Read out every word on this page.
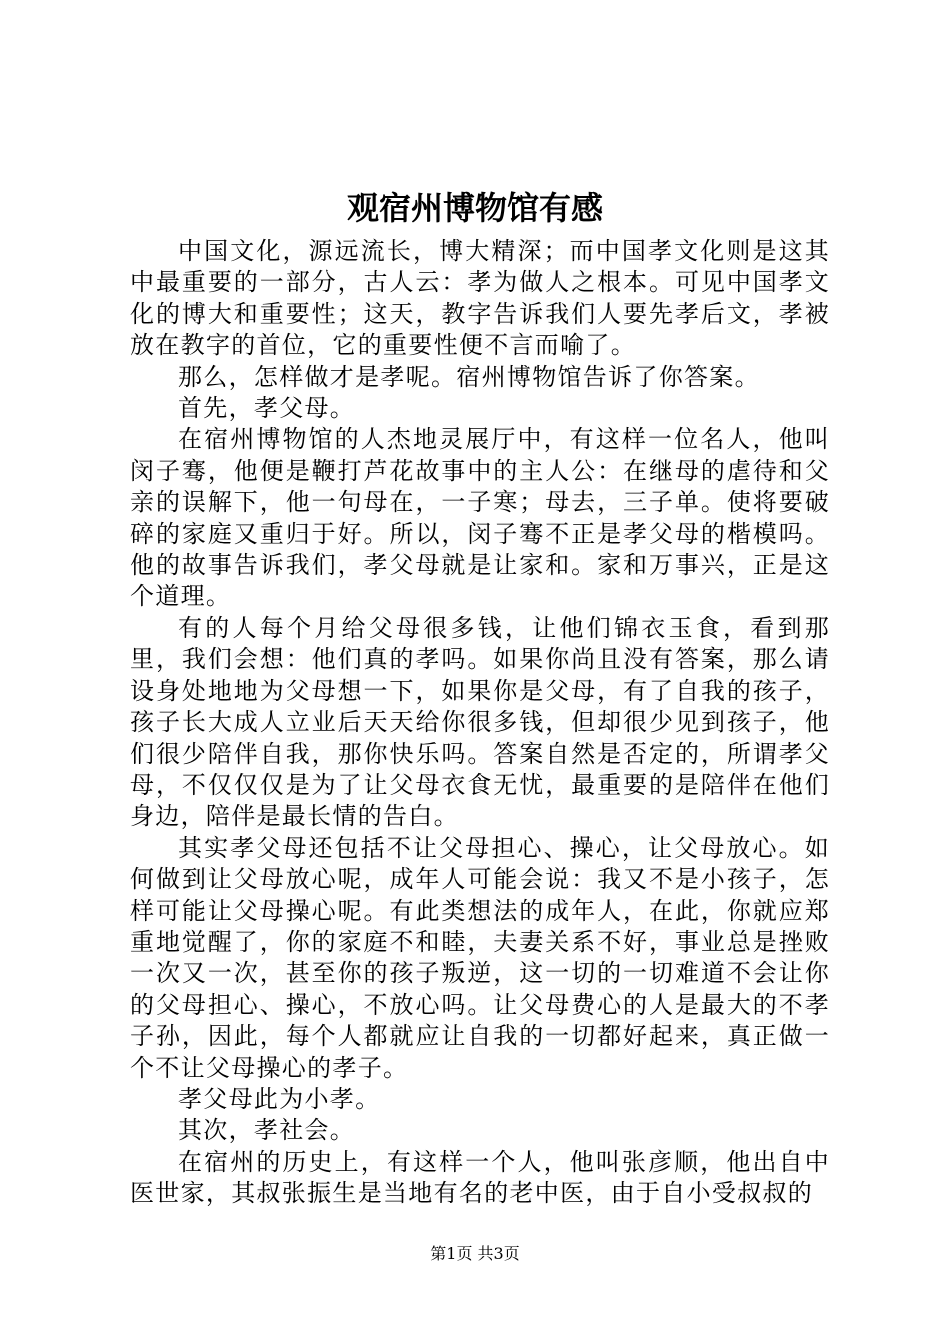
观宿州博物馆有感

中国文化，源远流长，博大精深；而中国孝文化则是这其中最重要的一部分，古人云：孝为做人之根本。可见中国孝文化的博大和重要性；这天，教字告诉我们人要先孝后文，孝被放在教字的首位，它的重要性便不言而喻了。

那么，怎样做才是孝呢。宿州博物馆告诉了你答案。

首先，孝父母。

在宿州博物馆的人杰地灵展厅中，有这样一位名人，他叫闵子骞，他便是鞭打芦花故事中的主人公：在继母的虐待和父亲的误解下，他一句母在，一子寒；母去，三子单。使将要破碎的家庭又重归于好。所以，闵子骞不正是孝父母的楷模吗。他的故事告诉我们，孝父母就是让家和。家和万事兴，正是这个道理。

有的人每个月给父母很多钱，让他们锦衣玉食，看到那里，我们会想：他们真的孝吗。如果你尚且没有答案，那么请设身处地地为父母想一下，如果你是父母，有了自我的孩子，孩子长大成人立业后天天给你很多钱，但却很少见到孩子，他们很少陪伴自我，那你快乐吗。答案自然是否定的，所谓孝父母，不仅仅仅是为了让父母衣食无忧，最重要的是陪伴在他们身边，陪伴是最长情的告白。

其实孝父母还包括不让父母担心、操心，让父母放心。如何做到让父母放心呢，成年人可能会说：我又不是小孩子，怎样可能让父母操心呢。有此类想法的成年人，在此，你就应郑重地觉醒了，你的家庭不和睦，夫妻关系不好，事业总是挫败一次又一次，甚至你的孩子叛逆，这一切的一切难道不会让你的父母担心、操心，不放心吗。让父母费心的人是最大的不孝子孙，因此，每个人都就应让自我的一切都好起来，真正做一个不让父母操心的孝子。

孝父母此为小孝。

其次，孝社会。

在宿州的历史上，有这样一个人，他叫张彦顺，他出自中医世家，其叔张振生是当地有名的老中医，由于自小受叔叔的

第1页 共3页
